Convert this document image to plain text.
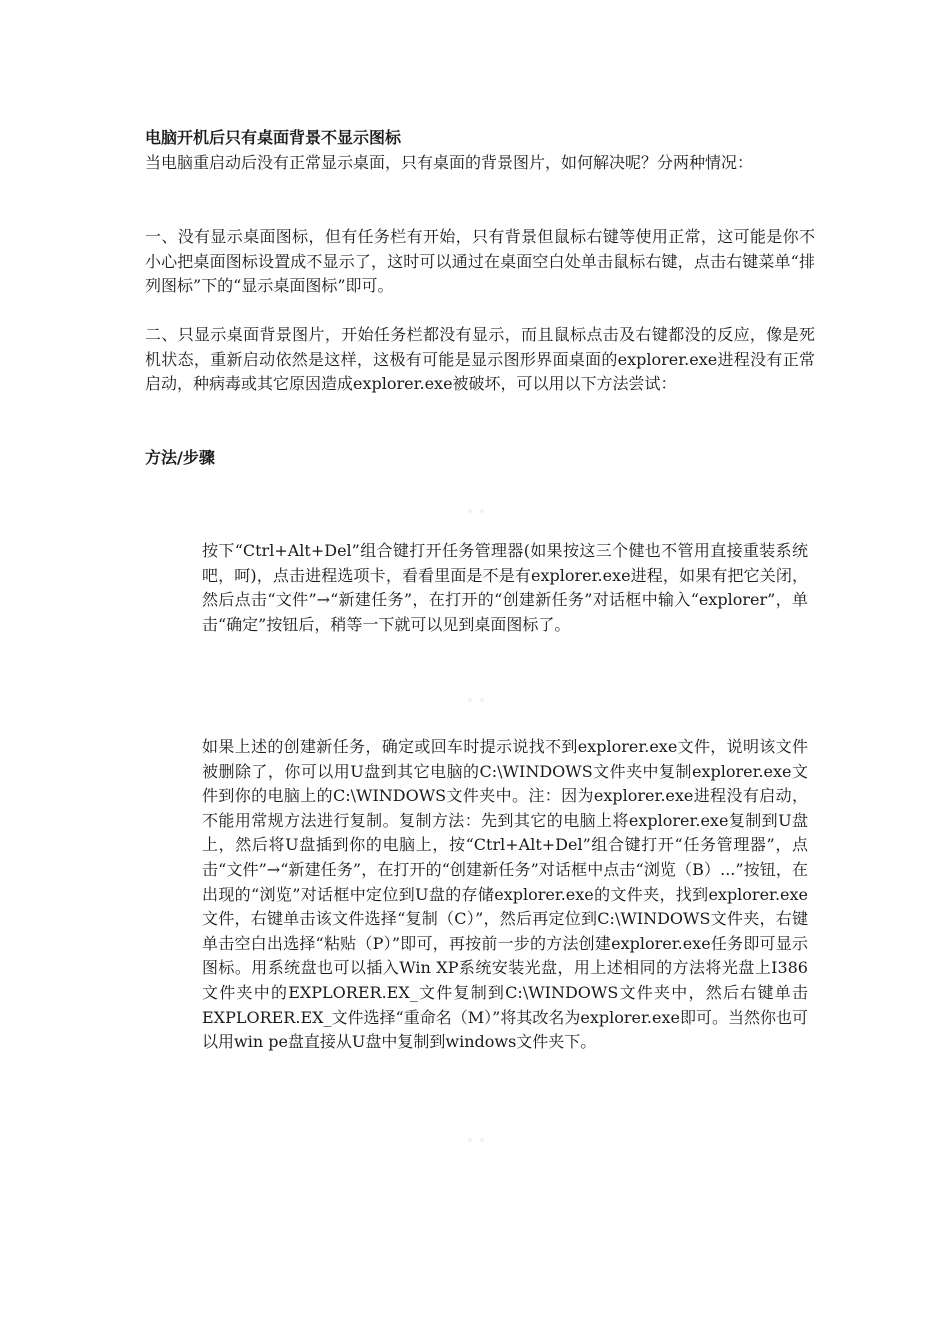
电脑开机后只有桌面背景不显示图标

当电脑重启动后没有正常显示桌面，只有桌面的背景图片，如何解决呢？分两种情况：

一、没有显示桌面图标，但有任务栏有开始，只有背景但鼠标右键等使用正常，这可能是你不小心把桌面图标设置成不显示了，这时可以通过在桌面空白处单击鼠标右键，点击右键菜单“排列图标”下的“显示桌面图标”即可。

二、只显示桌面背景图片，开始任务栏都没有显示，而且鼠标点击及右键都没的反应，像是死机状态，重新启动依然是这样，这极有可能是显示图形界面桌面的explorer.exe进程没有正常启动，种病毒或其它原因造成explorer.exe被破坏，可以用以下方法尝试：

方法/步骤

按下“Ctrl+Alt+Del”组合键打开任务管理器(如果按这三个健也不管用直接重装系统吧，呵)，点击进程选项卡，看看里面是不是有explorer.exe进程，如果有把它关闭，然后点击“文件”→“新建任务”，在打开的“创建新任务”对话框中输入“explorer”，单击“确定”按钮后，稍等一下就可以见到桌面图标了。

如果上述的创建新任务，确定或回车时提示说找不到explorer.exe文件，说明该文件被删除了，你可以用U盘到其它电脑的C:\WINDOWS文件夹中复制explorer.exe文件到你的电脑上的C:\WINDOWS文件夹中。注：因为explorer.exe进程没有启动，不能用常规方法进行复制。复制方法：先到其它的电脑上将explorer.exe复制到U盘上，然后将U盘插到你的电脑上，按“Ctrl+Alt+Del”组合键打开“任务管理器”，点击“文件”→“新建任务”，在打开的“创建新任务”对话框中点击“浏览（B）...”按钮，在出现的“浏览”对话框中定位到U盘的存储explorer.exe的文件夹，找到explorer.exe文件，右键单击该文件选择“复制（C）”，然后再定位到C:\WINDOWS文件夹，右键单击空白出选择“粘贴（P）”即可，再按前一步的方法创建explorer.exe任务即可显示图标。用系统盘也可以插入Win XP系统安装光盘，用上述相同的方法将光盘上I386文件夹中的EXPLORER.EX_文件复制到C:\WINDOWS文件夹中，然后右键单击EXPLORER.EX_文件选择“重命名（M）”将其改名为explorer.exe即可。当然你也可以用win pe盘直接从U盘中复制到windows文件夹下。
